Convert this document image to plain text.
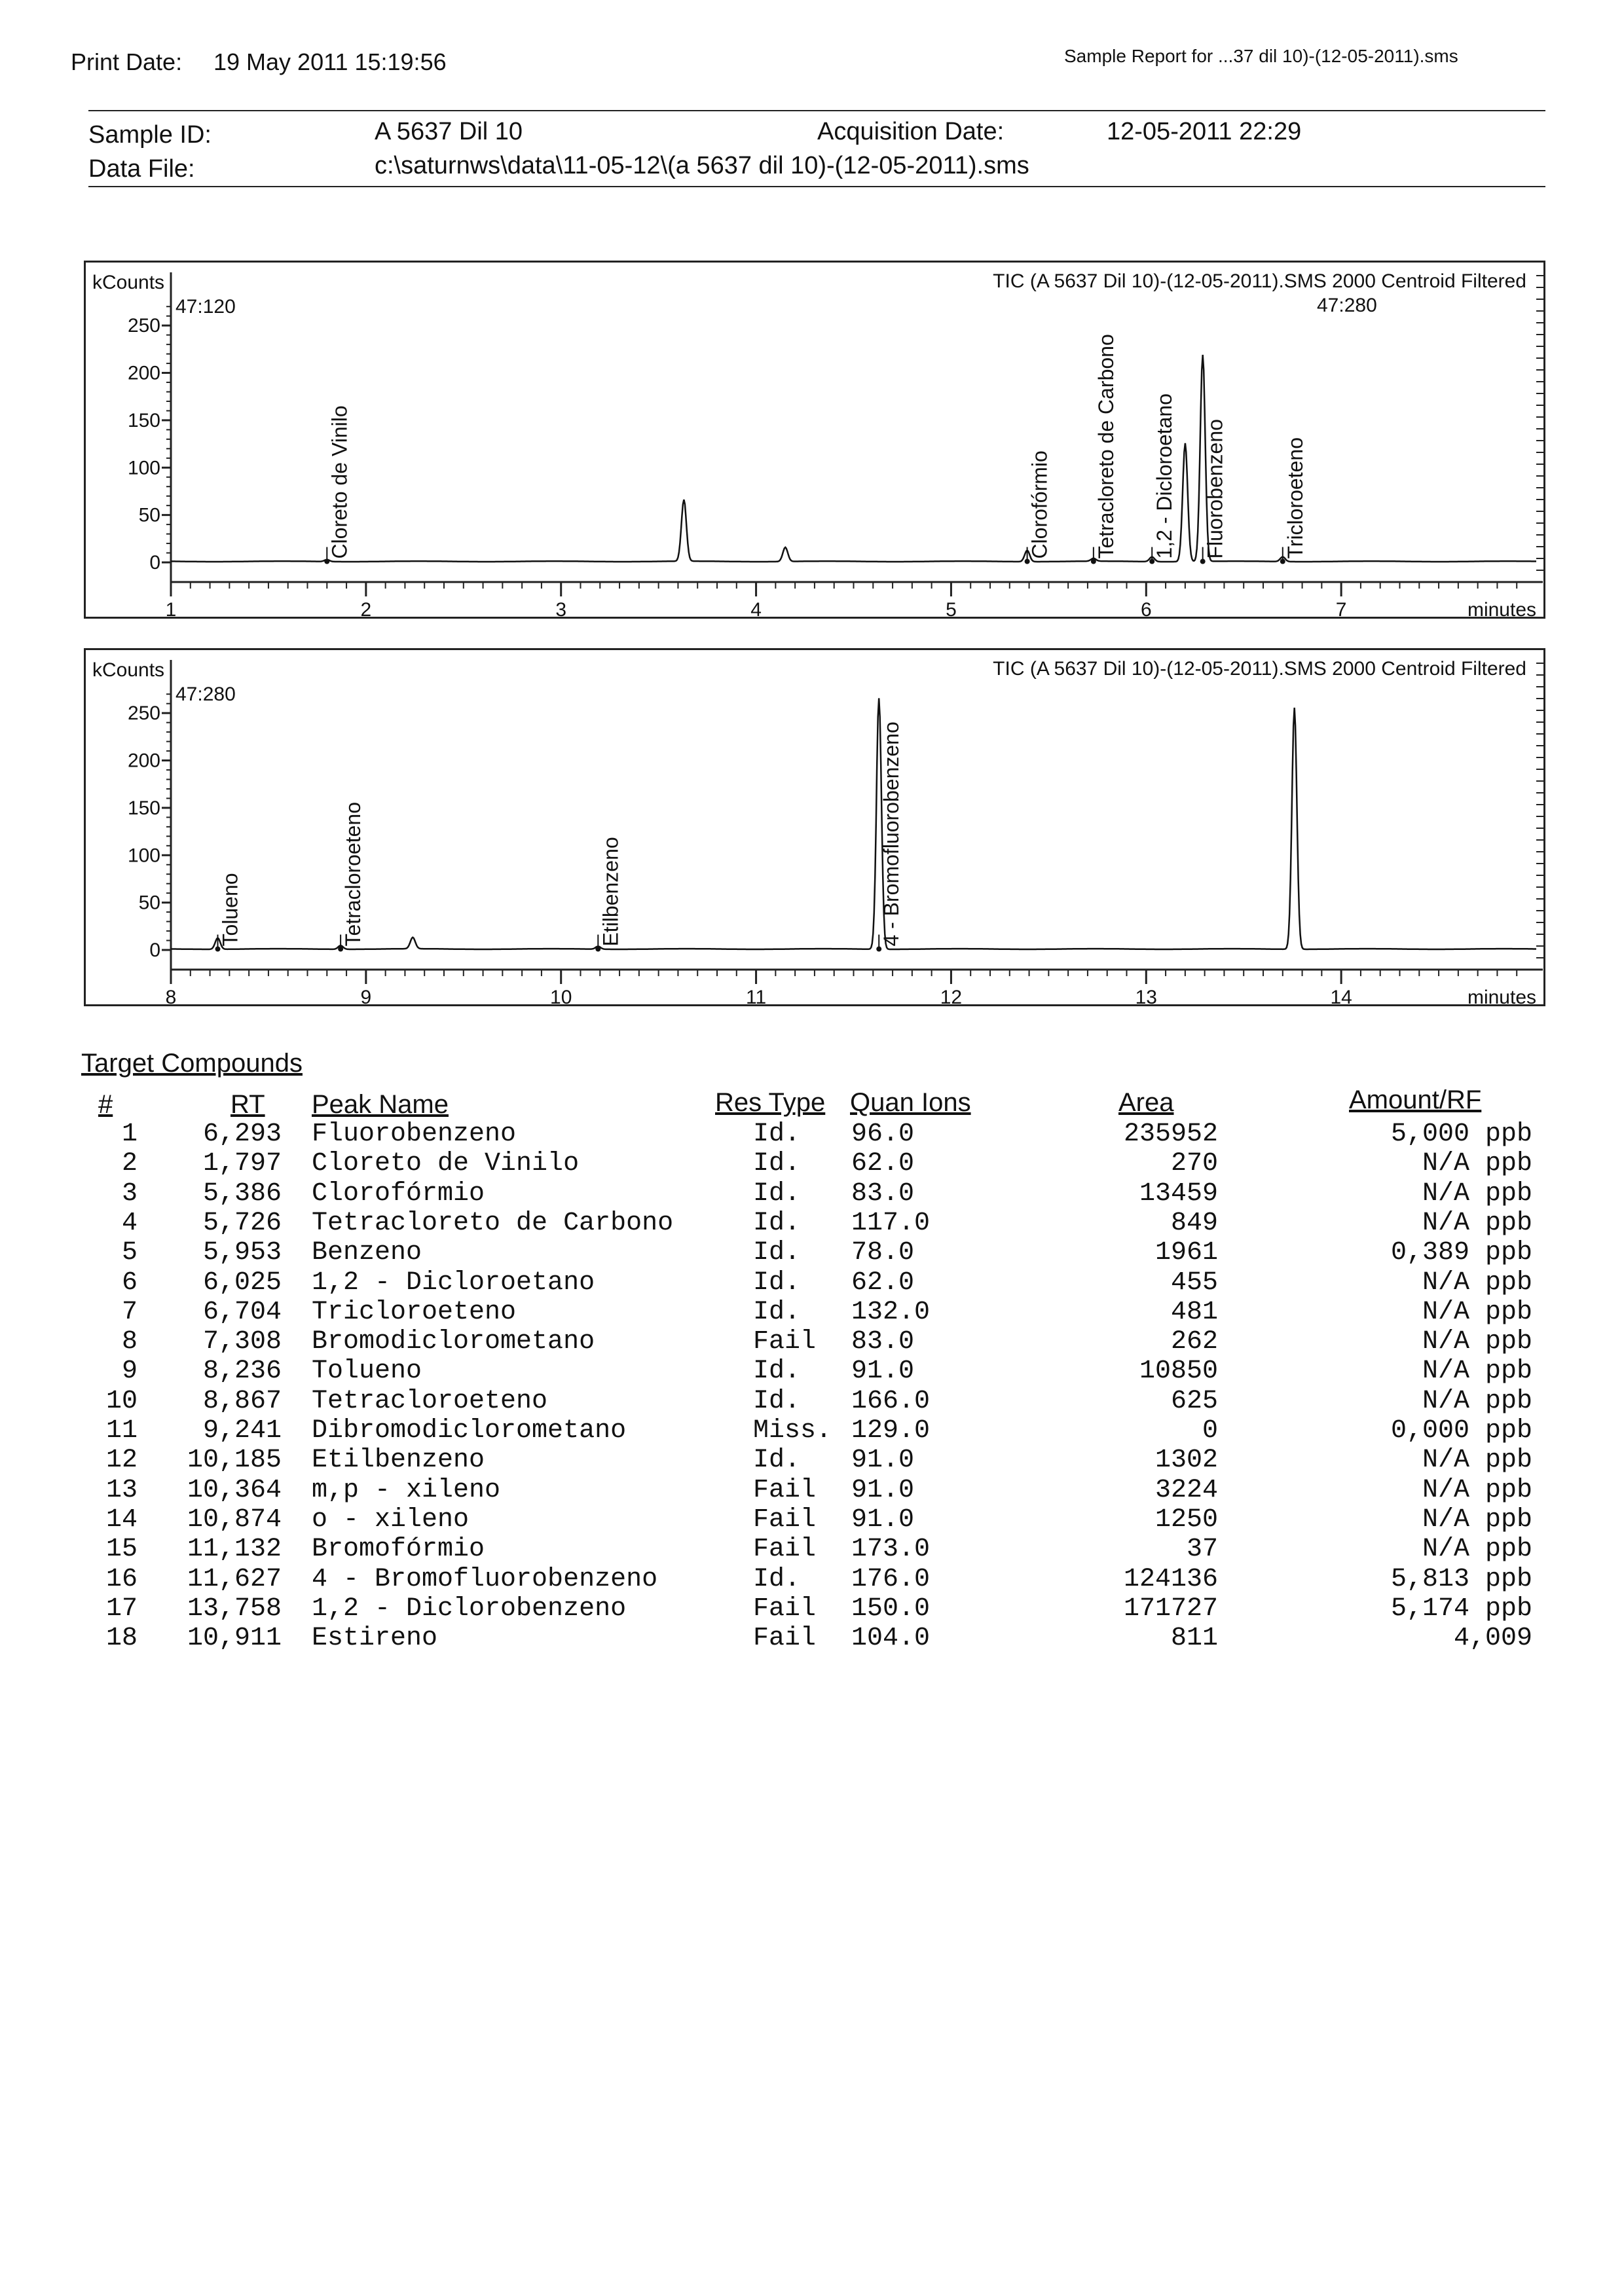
Print Date: 19 May 2011 15:19:56	Sample Report for ...37 dil 10)-(12-05-2011).sms
Sample ID:	A 5637 Dil 10	Acquisition Date:	12-05-2011 22:29
Data File:	c:\saturnws\data\11-05-12\(a 5637 dil 10)-(12-05-2011).sms
kCounts
47:120
TIC (A 5637 Dil 10)-(12-05-2011).SMS 2000 Centroid Filtered
47:280
0
50
100
150
200
250
1	2	3	4	5	6	7	minutes
Cloreto de Vinilo	Clorofórmio Tetracloreto de Carbono 1,2 - Dicloroetano Fluorobenzeno	Tricloroeteno
kCounts
47:280
TIC (A 5637 Dil 10)-(12-05-2011).SMS 2000 Centroid Filtered
0
50
100
150
200
250
8	9	10	11	12	13	14	minutes
Tolueno	Tetracloroeteno	Etilbenzeno	4 - Bromofluorobenzeno
Target Compounds
#	RT Peak Name	Res Type Quan Ions	Area	Amount/RF
1	6,293 Fluorobenzeno	Id.	96.0	235952	5,000 ppb
2	1,797 Cloreto de Vinilo	Id.	62.0	270	N/A ppb
3	5,386 Clorofórmio	Id.	83.0	13459	N/A ppb
4	5,726 Tetracloreto de Carbono	Id.	117.0	849	N/A ppb
5	5,953 Benzeno	Id.	78.0	1961	0,389 ppb
6	6,025 1,2 - Dicloroetano	Id.	62.0	455	N/A ppb
7	6,704 Tricloroeteno	Id.	132.0	481	N/A ppb
8	7,308 Bromodiclorometano	Fail	83.0	262	N/A ppb
9	8,236 Tolueno	Id.	91.0	10850	N/A ppb
10	8,867 Tetracloroeteno	Id.	166.0	625	N/A ppb
11	9,241 Dibromodiclorometano	Miss. 129.0	0	0,000 ppb
12	10,185 Etilbenzeno	Id.	91.0	1302	N/A ppb
13	10,364 m,p - xileno	Fail	91.0	3224	N/A ppb
14	10,874 o - xileno	Fail	91.0	1250	N/A ppb
15	11,132 Bromofórmio	Fail	173.0	37	N/A ppb
16	11,627 4 - Bromofluorobenzeno	Id.	176.0	124136	5,813 ppb
17	13,758 1,2 - Diclorobenzeno	Fail	150.0	171727	5,174 ppb
18	10,911 Estireno	Fail	104.0	811	4,009
